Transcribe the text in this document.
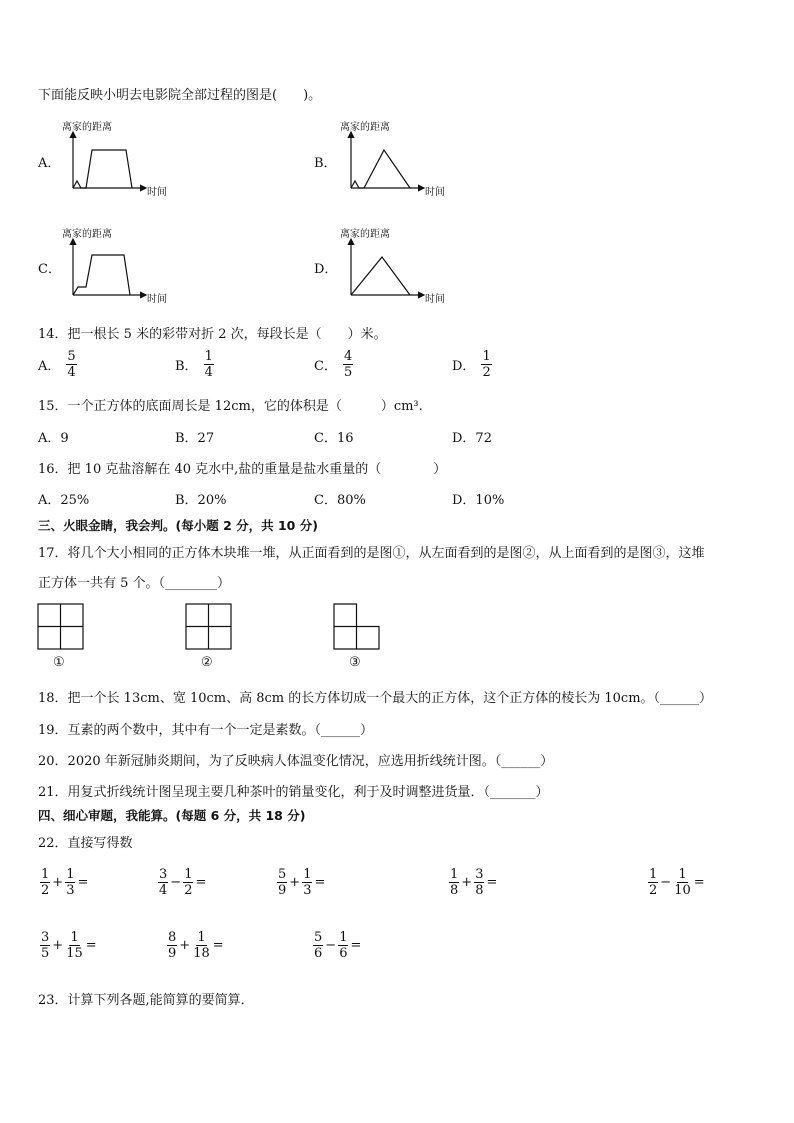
下面能反映小明去电影院全部过程的图是(　　)。
A．
离家的距离
时间
B．
离家的距离
时间
C．
离家的距离
时间
D．
离家的距离
时间
14．把一根长 5 米的彩带对折 2 次，每段长是（　　）米。
A． $\frac{5}{4}$	B． $\frac{1}{4}$	C． $\frac{4}{5}$	D． $\frac{1}{2}$
15．一个正方体的底面周长是 12cm，它的体积是（　　　）cm³.
A．9	B．27	C．16	D．72
16．把 10 克盐溶解在 40 克水中,盐的重量是盐水重量的（　　　　）
A．25%	B．20%	C．80%	D．10%
三、火眼金睛，我会判。(每小题 2 分，共 10 分)
17．将几个大小相同的正方体木块堆一堆，从正面看到的是图①，从左面看到的是图②，从上面看到的是图③，这堆
正方体一共有 5 个。（________）
①	②	③
18．把一个长 13cm、宽 10cm、高 8cm 的长方体切成一个最大的正方体，这个正方体的棱长为 10cm。（______）
19．互素的两个数中，其中有一个一定是素数。（______）
20．2020 年新冠肺炎期间，为了反映病人体温变化情况，应选用折线统计图。（______）
21．用复式折线统计图呈现主要几种茶叶的销量变化，利于及时调整进货量．（_______）
四、细心审题，我能算。(每题 6 分，共 18 分)
22．直接写得数
$\frac{1}{2} + \frac{1}{3}$ =	$\frac{3}{4} - \frac{1}{2}$ =	$\frac{5}{9} + \frac{1}{3}$ =	$\frac{1}{8} + \frac{3}{8}$ =	$\frac{1}{2} - \frac{1}{10}$ =
$\frac{3}{5} + \frac{1}{15}$ =	$\frac{8}{9} + \frac{1}{18}$ =	$\frac{5}{6} - \frac{1}{6}$ =
23．计算下列各题,能简算的要简算．
